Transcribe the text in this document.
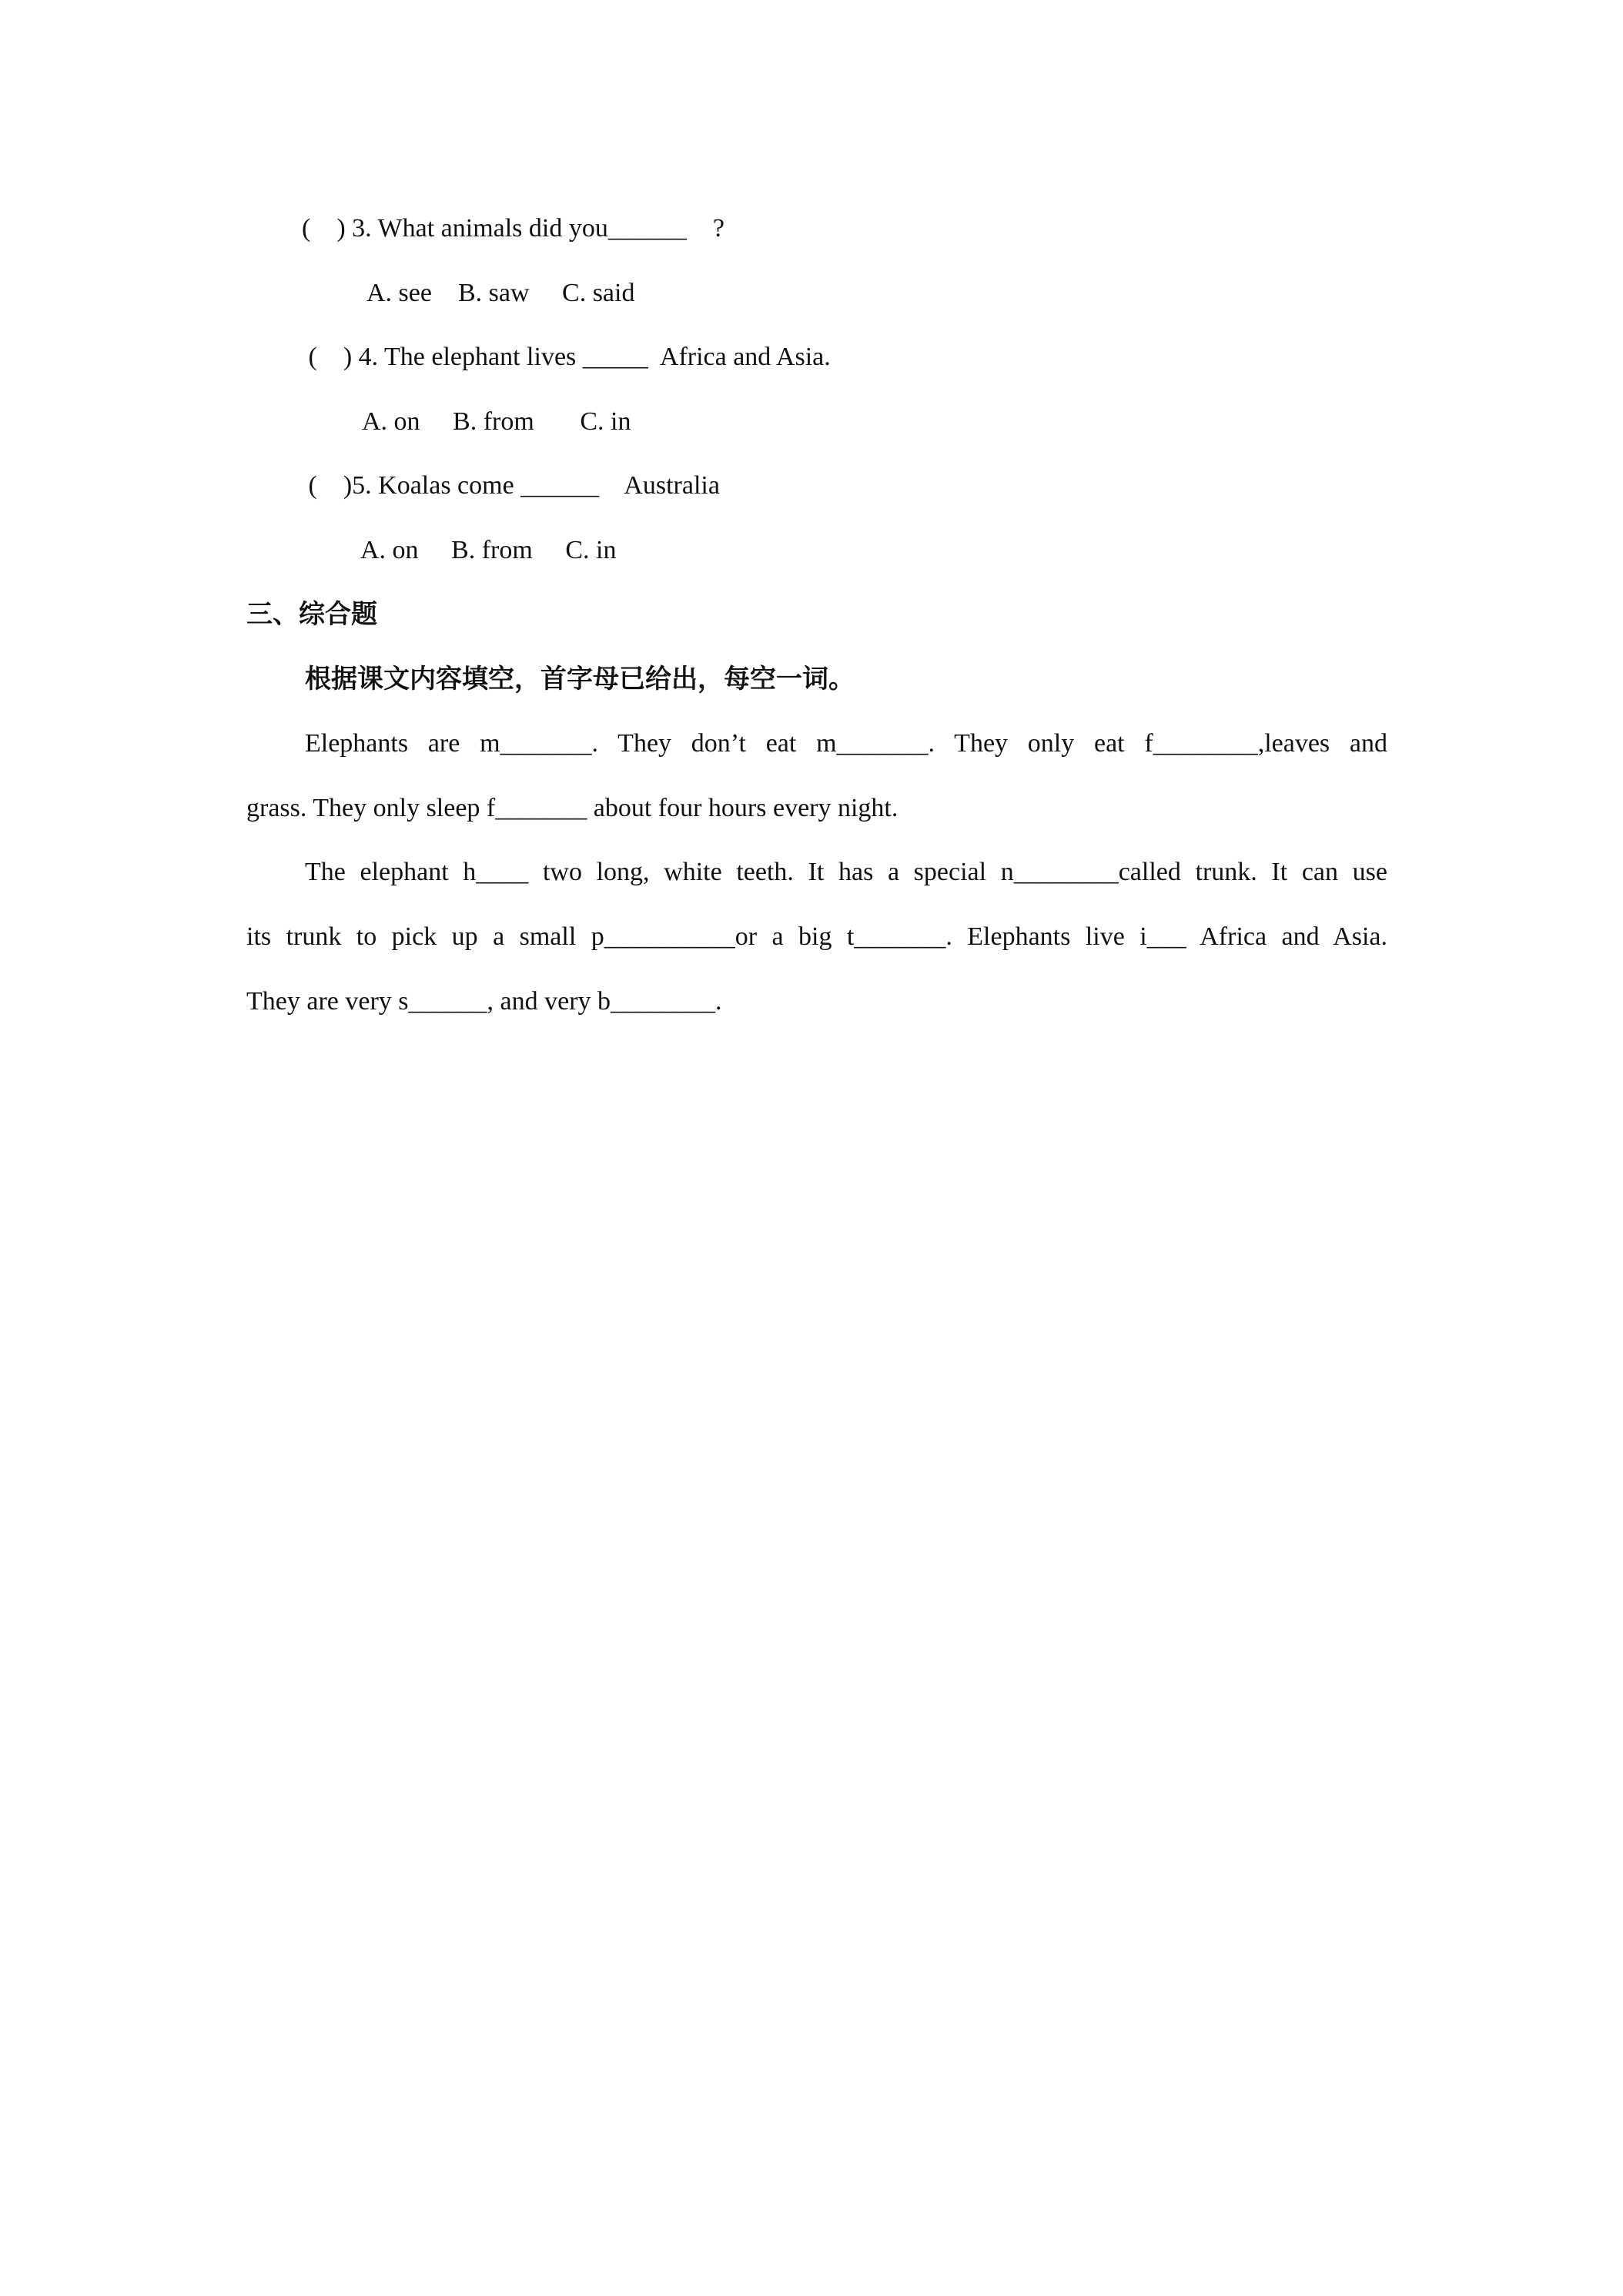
(    ) 3. What animals did you______    ?
A. see    B. saw     C. said
(    ) 4. The elephant lives _____  Africa and Asia.
A. on     B. from       C. in
(    )5. Koalas come ______    Australia
A. on     B. from     C. in
三、综合题
根据课文内容填空，首字母已给出，每空一词。
Elephants are m_______. They don’t eat m_______. They only eat f________,leaves and
grass. They only sleep f_______ about four hours every night.
The elephant h____ two long, white teeth. It has a special n________called trunk. It can use
its trunk to pick up a small p__________or a big t_______. Elephants live i___ Africa and Asia.
They are very s______, and very b________.
